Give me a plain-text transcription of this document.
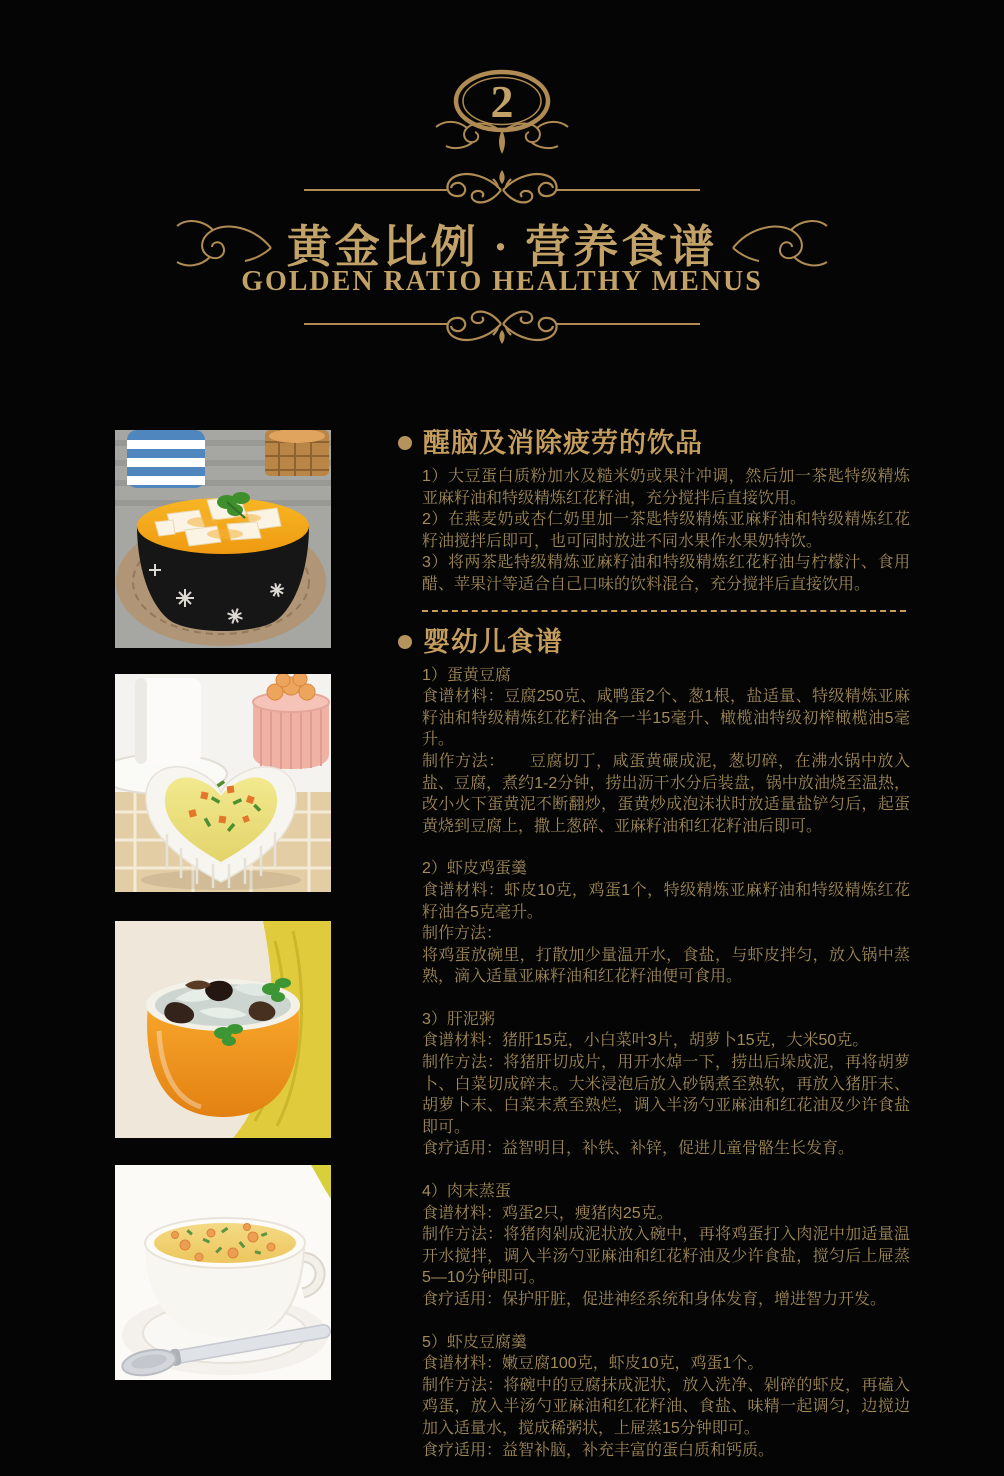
2
黄金比例 · 营养食谱
GOLDEN RATIO HEALTHY MENUS
醒脑及消除疲劳的饮品

1）大豆蛋白质粉加水及糙米奶或果汁冲调，然后加一茶匙特级精炼亚麻籽油和特级精炼红花籽油，充分搅拌后直接饮用。

2）在燕麦奶或杏仁奶里加一茶匙特级精炼亚麻籽油和特级精炼红花籽油搅拌后即可，也可同时放进不同水果作水果奶特饮。

3）将两茶匙特级精炼亚麻籽油和特级精炼红花籽油与柠檬汁、食用醋、苹果汁等适合自己口味的饮料混合，充分搅拌后直接饮用。

婴幼儿食谱

1）蛋黄豆腐

食谱材料：豆腐250克、咸鸭蛋2个、葱1根，盐适量、特级精炼亚麻籽油和特级精炼红花籽油各一半15毫升、橄榄油特级初榨橄榄油5毫升。

制作方法：　　豆腐切丁，咸蛋黄碾成泥，葱切碎，在沸水锅中放入盐、豆腐，煮约1-2分钟，捞出沥干水分后装盘，锅中放油烧至温热，改小火下蛋黄泥不断翻炒，蛋黄炒成泡沫状时放适量盐铲匀后，起蛋黄烧到豆腐上，撒上葱碎、亚麻籽油和红花籽油后即可。

2）虾皮鸡蛋羹

食谱材料：虾皮10克，鸡蛋1个，特级精炼亚麻籽油和特级精炼红花籽油各5克毫升。

制作方法：

将鸡蛋放碗里，打散加少量温开水，食盐，与虾皮拌匀，放入锅中蒸熟，滴入适量亚麻籽油和红花籽油便可食用。

3）肝泥粥

食谱材料：猪肝15克，小白菜叶3片，胡萝卜15克，大米50克。

制作方法：将猪肝切成片，用开水焯一下，捞出后垛成泥，再将胡萝卜、白菜切成碎末。大米浸泡后放入砂锅煮至熟软，再放入猪肝末、胡萝卜末、白菜末煮至熟烂，调入半汤勺亚麻油和红花油及少许食盐即可。

食疗适用：益智明目，补铁、补锌，促进儿童骨骼生长发育。

4）肉末蒸蛋

食谱材料：鸡蛋2只，瘦猪肉25克。

制作方法：将猪肉剁成泥状放入碗中，再将鸡蛋打入肉泥中加适量温开水搅拌，调入半汤勺亚麻油和红花籽油及少许食盐，搅匀后上屉蒸5—10分钟即可。

食疗适用：保护肝脏，促进神经系统和身体发育，增进智力开发。

5）虾皮豆腐羹

食谱材料：嫩豆腐100克，虾皮10克，鸡蛋1个。

制作方法：将碗中的豆腐抹成泥状，放入洗净、剁碎的虾皮，再磕入鸡蛋，放入半汤勺亚麻油和红花籽油、食盐、味精一起调匀，边搅边加入适量水，搅成稀粥状，上屉蒸15分钟即可。

食疗适用：益智补脑，补充丰富的蛋白质和钙质。
